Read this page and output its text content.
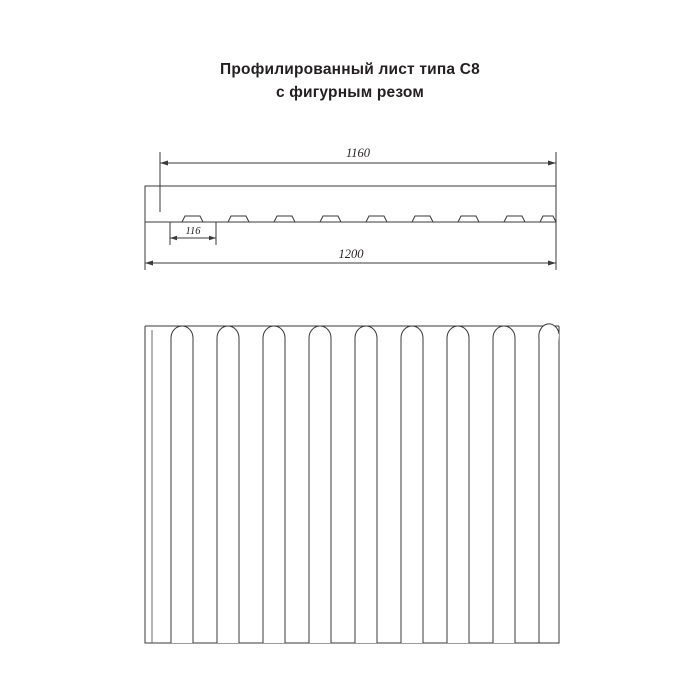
Профилированный лист типа С8
с фигурным резом
1160
116
1200
